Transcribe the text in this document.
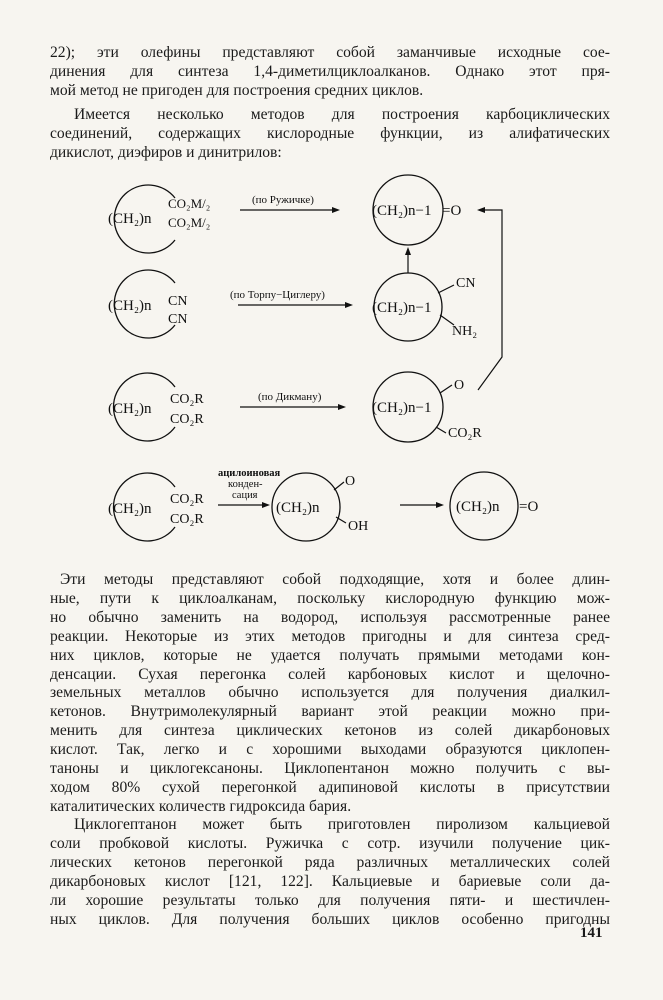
22); эти олефины представляют собой заманчивые исходные сое-
динения для синтеза 1,4-диметилциклоалканов. Однако этот пря-
мой метод не пригоден для построения средних циклов.
Имеется несколько методов для построения карбоциклических
соединений, содержащих кислородные функции, из алифатических
дикислот, диэфиров и динитрилов:
(CH₂)n
CO₂M/₂
CO₂M/₂
(по Ружичке)
(CH₂)n−1 =O
(CH₂)n CN
CN
(по Торпу−Циглеру)
(CH₂)n−1
CN
NH₂
(CH₂)n
CO₂R
CO₂R
(по Дикману)
(CH₂)n−1
O
CO₂R
(CH₂)n
CO₂R
CO₂R
ацилоиновая
конден-
сация
(CH₂)n
O
OH
(CH₂)n =O
Эти методы представляют собой подходящие, хотя и более длин-
ные, пути к циклоалканам, поскольку кислородную функцию мож-
но обычно заменить на водород, используя рассмотренные ранее
реакции. Некоторые из этих методов пригодны и для синтеза сред-
них циклов, которые не удается получать прямыми методами кон-
денсации. Сухая перегонка солей карбоновых кислот и щелочно-
земельных металлов обычно используется для получения диалкил-
кетонов. Внутримолекулярный вариант этой реакции можно при-
менить для синтеза циклических кетонов из солей дикарбоновых
кислот. Так, легко и с хорошими выходами образуются циклопен-
таноны и циклогексаноны. Циклопентанон можно получить с вы-
ходом 80% сухой перегонкой адипиновой кислоты в присутствии
каталитических количеств гидроксида бария.
Циклогептанон может быть приготовлен пиролизом кальциевой
соли пробковой кислоты. Ружичка с сотр. изучили получение цик-
лических кетонов перегонкой ряда различных металлических солей
дикарбоновых кислот [121, 122]. Кальциевые и бариевые соли да-
ли хорошие результаты только для получения пяти- и шестичлен-
ных циклов. Для получения больших циклов особенно пригодны
141
